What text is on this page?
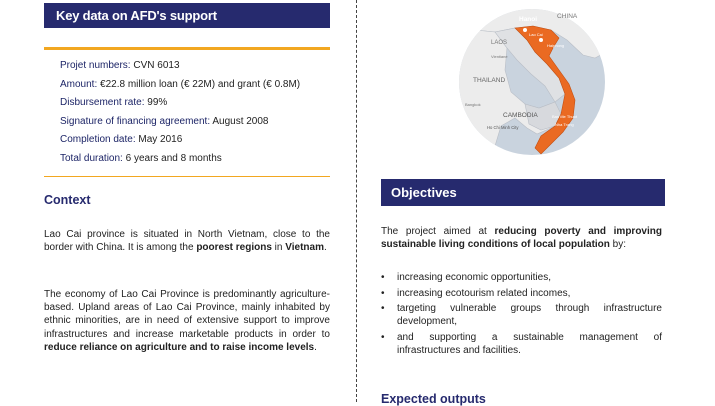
Key data on AFD's support
Projet numbers: CVN 6013
Amount: €22.8 million loan (€ 22M) and grant (€ 0.8M)
Disbursement rate: 99%
Signature of financing agreement: August 2008
Completion date: May 2016
Total duration: 6 years and 8 months
Context

Lao Cai province is situated in North Vietnam, close to the border with China. It is among the poorest regions in Vietnam.

The economy of Lao Cai Province is predominantly agriculture-based. Upland areas of Lao Cai Province, mainly inhabited by ethnic minorities, are in need of extensive support to improve infrastructures and increase marketable products in order to reduce reliance on agriculture and to raise income levels.

CHINA
Hanoi
LAOS
THAILAND
CAMBODIA
Ho Chi Minh City
Lao Cai
Haiphong
Ban Me Thuot
Nha Trang
Bangkok
Vientiane
Objectives

The project aimed at reducing poverty and improving sustainable living conditions of local population by:

• increasing economic opportunities,
• increasing ecotourism related incomes,
• targeting vulnerable groups through infrastructure development,
• and supporting a sustainable management of infrastructures and facilities.
Expected outputs
